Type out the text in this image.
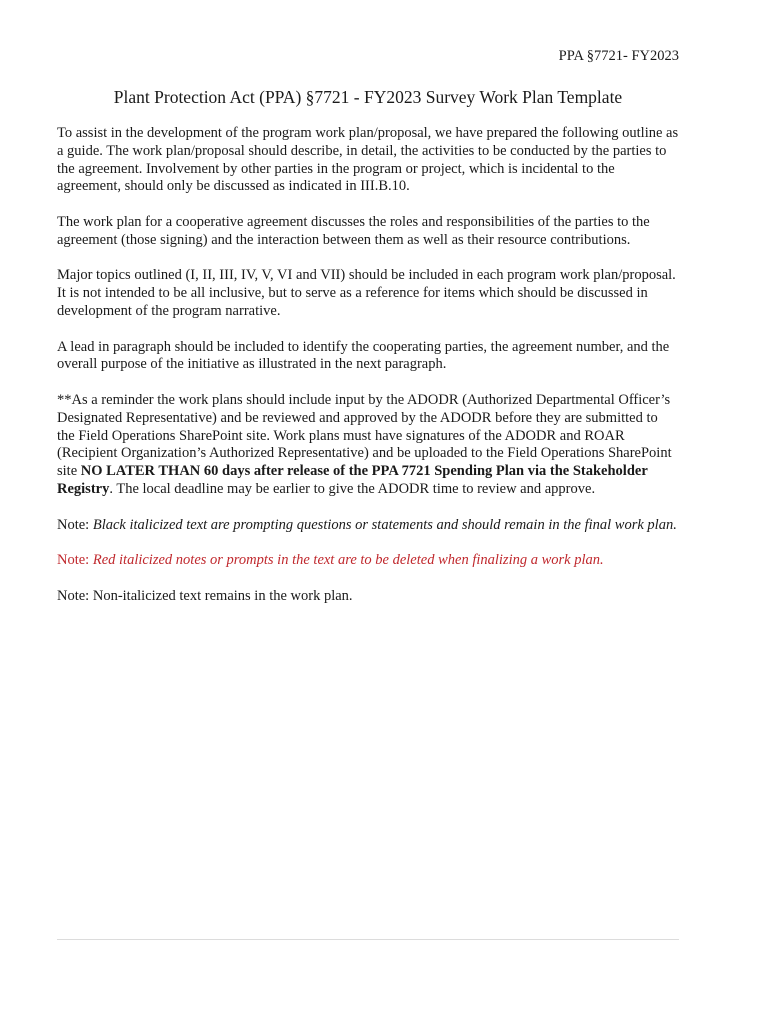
PPA §7721- FY2023
Plant Protection Act (PPA) §7721 - FY2023 Survey Work Plan Template

To assist in the development of the program work plan/proposal, we have prepared the following outline as a guide. The work plan/proposal should describe, in detail, the activities to be conducted by the parties to the agreement. Involvement by other parties in the program or project, which is incidental to the agreement, should only be discussed as indicated in III.B.10.

The work plan for a cooperative agreement discusses the roles and responsibilities of the parties to the agreement (those signing) and the interaction between them as well as their resource contributions.

Major topics outlined (I, II, III, IV, V, VI and VII) should be included in each program work plan/proposal. It is not intended to be all inclusive, but to serve as a reference for items which should be discussed in development of the program narrative.

A lead in paragraph should be included to identify the cooperating parties, the agreement number, and the overall purpose of the initiative as illustrated in the next paragraph.

**As a reminder the work plans should include input by the ADODR (Authorized Departmental Officer’s Designated Representative) and be reviewed and approved by the ADODR before they are submitted to the Field Operations SharePoint site. Work plans must have signatures of the ADODR and ROAR (Recipient Organization’s Authorized Representative) and be uploaded to the Field Operations SharePoint site NO LATER THAN 60 days after release of the PPA 7721 Spending Plan via the Stakeholder Registry. The local deadline may be earlier to give the ADODR time to review and approve.

Note: Black italicized text are prompting questions or statements and should remain in the final work plan.

Note: Red italicized notes or prompts in the text are to be deleted when finalizing a work plan.

Note: Non-italicized text remains in the work plan.
